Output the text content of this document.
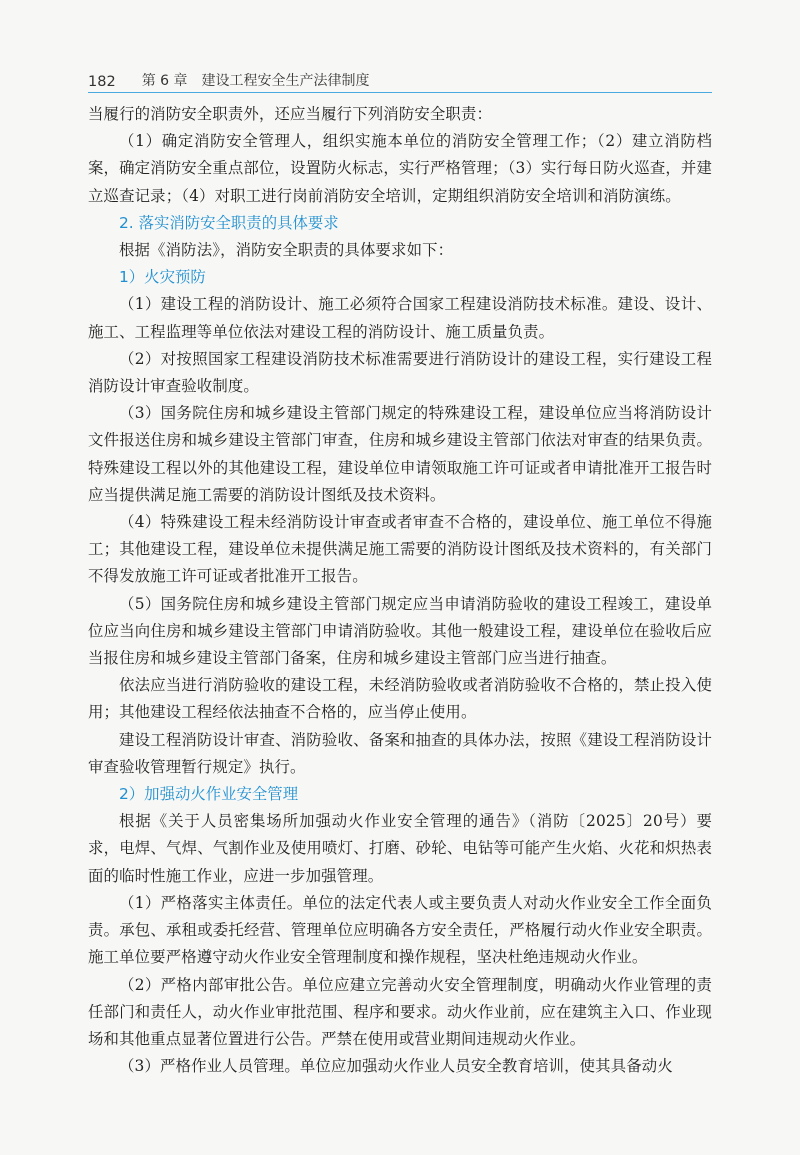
182 第 6 章 建设工程安全生产法律制度

当履行的消防安全职责外，还应当履行下列消防安全职责：

（1）确定消防安全管理人，组织实施本单位的消防安全管理工作；（2）建立消防档案，确定消防安全重点部位，设置防火标志，实行严格管理；（3）实行每日防火巡查，并建立巡查记录；（4）对职工进行岗前消防安全培训，定期组织消防安全培训和消防演练。

2. 落实消防安全职责的具体要求

根据《消防法》，消防安全职责的具体要求如下：

1）火灾预防

（1）建设工程的消防设计、施工必须符合国家工程建设消防技术标准。建设、设计、施工、工程监理等单位依法对建设工程的消防设计、施工质量负责。

（2）对按照国家工程建设消防技术标准需要进行消防设计的建设工程，实行建设工程消防设计审查验收制度。

（3）国务院住房和城乡建设主管部门规定的特殊建设工程，建设单位应当将消防设计文件报送住房和城乡建设主管部门审查，住房和城乡建设主管部门依法对审查的结果负责。特殊建设工程以外的其他建设工程，建设单位申请领取施工许可证或者申请批准开工报告时应当提供满足施工需要的消防设计图纸及技术资料。

（4）特殊建设工程未经消防设计审查或者审查不合格的，建设单位、施工单位不得施工；其他建设工程，建设单位未提供满足施工需要的消防设计图纸及技术资料的，有关部门不得发放施工许可证或者批准开工报告。

（5）国务院住房和城乡建设主管部门规定应当申请消防验收的建设工程竣工，建设单位应当向住房和城乡建设主管部门申请消防验收。其他一般建设工程，建设单位在验收后应当报住房和城乡建设主管部门备案，住房和城乡建设主管部门应当进行抽查。

依法应当进行消防验收的建设工程，未经消防验收或者消防验收不合格的，禁止投入使用；其他建设工程经依法抽查不合格的，应当停止使用。

建设工程消防设计审查、消防验收、备案和抽查的具体办法，按照《建设工程消防设计审查验收管理暂行规定》执行。

2）加强动火作业安全管理

根据《关于人员密集场所加强动火作业安全管理的通告》（消防〔2025〕20号）要求，电焊、气焊、气割作业及使用喷灯、打磨、砂轮、电钻等可能产生火焰、火花和炽热表面的临时性施工作业，应进一步加强管理。

（1）严格落实主体责任。单位的法定代表人或主要负责人对动火作业安全工作全面负责。承包、承租或委托经营、管理单位应明确各方安全责任，严格履行动火作业安全职责。施工单位要严格遵守动火作业安全管理制度和操作规程，坚决杜绝违规动火作业。

（2）严格内部审批公告。单位应建立完善动火安全管理制度，明确动火作业管理的责任部门和责任人，动火作业审批范围、程序和要求。动火作业前，应在建筑主入口、作业现场和其他重点显著位置进行公告。严禁在使用或营业期间违规动火作业。

（3）严格作业人员管理。单位应加强动火作业人员安全教育培训，使其具备动火
